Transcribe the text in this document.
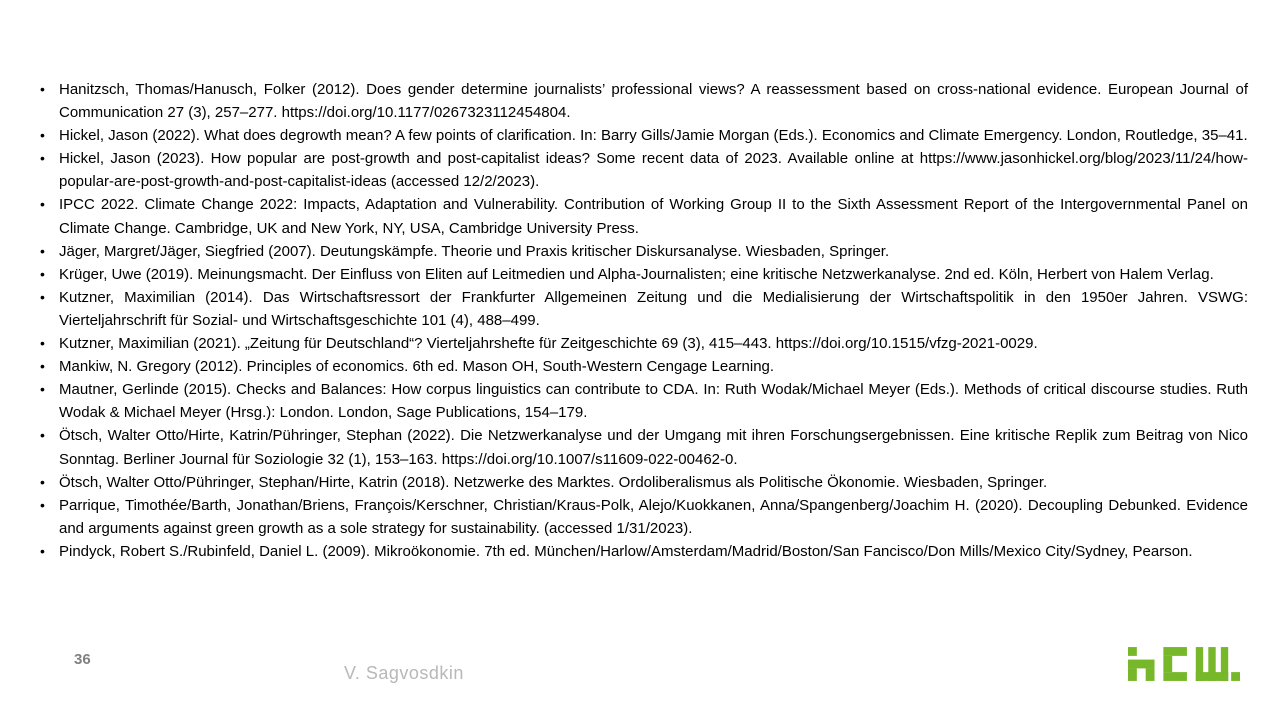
• Hanitzsch, Thomas/Hanusch, Folker (2012). Does gender determine journalists’ professional views? A reassessment based on cross-national evidence. European Journal of Communication 27 (3), 257–277. https://doi.org/10.1177/0267323112454804.
• Hickel, Jason (2022). What does degrowth mean? A few points of clarification. In: Barry Gills/Jamie Morgan (Eds.). Economics and Climate Emergency. London, Routledge, 35–41.
• Hickel, Jason (2023). How popular are post-growth and post-capitalist ideas? Some recent data of 2023. Available online at https://www.jasonhickel.org/blog/2023/11/24/how-popular-are-post-growth-and-post-capitalist-ideas (accessed 12/2/2023).
• IPCC 2022. Climate Change 2022: Impacts, Adaptation and Vulnerability. Contribution of Working Group II to the Sixth Assessment Report of the Intergovernmental Panel on Climate Change. Cambridge, UK and New York, NY, USA, Cambridge University Press.
• Jäger, Margret/Jäger, Siegfried (2007). Deutungskämpfe. Theorie und Praxis kritischer Diskursanalyse. Wiesbaden, Springer.
• Krüger, Uwe (2019). Meinungsmacht. Der Einfluss von Eliten auf Leitmedien und Alpha-Journalisten; eine kritische Netzwerkanalyse. 2nd ed. Köln, Herbert von Halem Verlag.
• Kutzner, Maximilian (2014). Das Wirtschaftsressort der Frankfurter Allgemeinen Zeitung und die Medialisierung der Wirtschaftspolitik in den 1950er Jahren. VSWG: Vierteljahrschrift für Sozial- und Wirtschaftsgeschichte 101 (4), 488–499.
• Kutzner, Maximilian (2021). „Zeitung für Deutschland“? Vierteljahrshefte für Zeitgeschichte 69 (3), 415–443. https://doi.org/10.1515/vfzg-2021-0029.
• Mankiw, N. Gregory (2012). Principles of economics. 6th ed. Mason OH, South-Western Cengage Learning.
• Mautner, Gerlinde (2015). Checks and Balances: How corpus linguistics can contribute to CDA. In: Ruth Wodak/Michael Meyer (Eds.). Methods of critical discourse studies. Ruth Wodak & Michael Meyer (Hrsg.): London. London, Sage Publications, 154–179.
• Ötsch, Walter Otto/Hirte, Katrin/Pühringer, Stephan (2022). Die Netzwerkanalyse und der Umgang mit ihren Forschungsergebnissen. Eine kritische Replik zum Beitrag von Nico Sonntag. Berliner Journal für Soziologie 32 (1), 153–163. https://doi.org/10.1007/s11609-022-00462-0.
• Ötsch, Walter Otto/Pühringer, Stephan/Hirte, Katrin (2018). Netzwerke des Marktes. Ordoliberalismus als Politische Ökonomie. Wiesbaden, Springer.
• Parrique, Timothée/Barth, Jonathan/Briens, François/Kerschner, Christian/Kraus-Polk, Alejo/Kuokkanen, Anna/Spangenberg/Joachim H. (2020). Decoupling Debunked. Evidence and arguments against green growth as a sole strategy for sustainability. (accessed 1/31/2023).
• Pindyck, Robert S./Rubinfeld, Daniel L. (2009). Mikroökonomie. 7th ed. München/Harlow/Amsterdam/Madrid/Boston/San Fancisco/Don Mills/Mexico City/Sydney, Pearson.
36
V. Sagvosdkin
